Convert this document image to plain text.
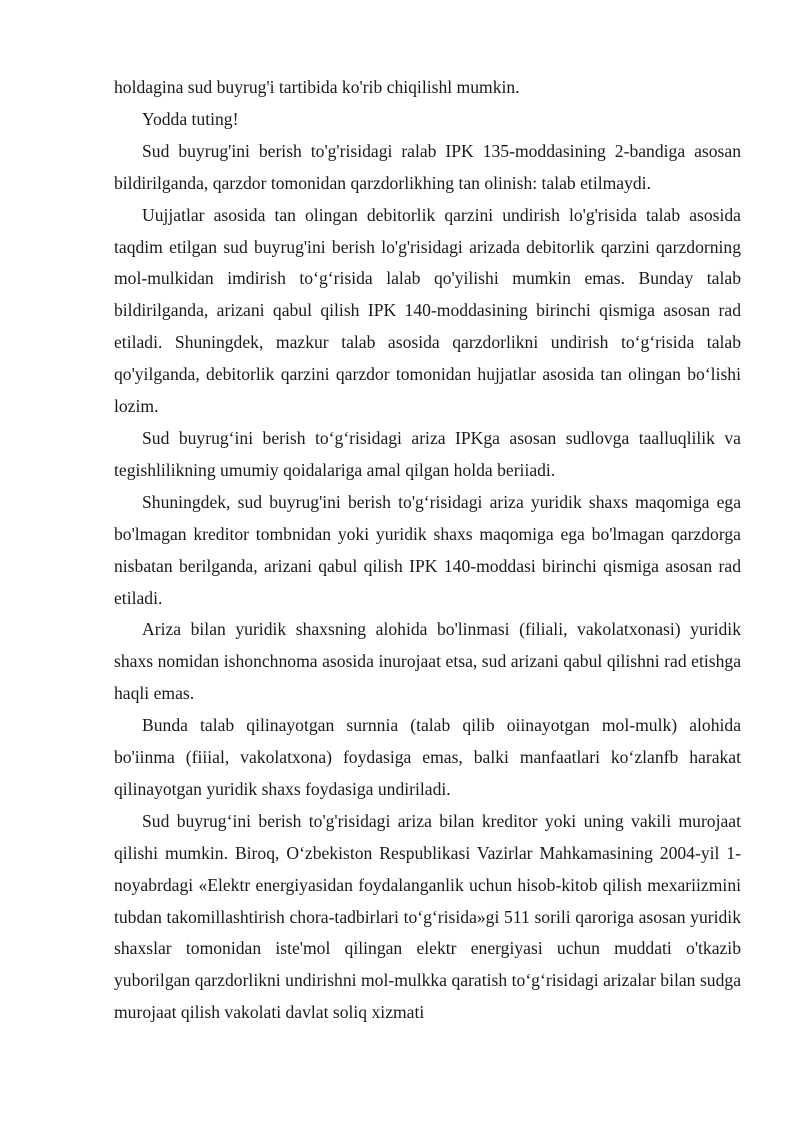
holdagina sud buyrug'i tartibida ko'rib chiqilishl mumkin.

Yodda tuting!

Sud buyrug'ini berish to'g'risidagi ralab IPK 135-moddasining 2-bandiga asosan bildirilganda, qarzdor tomonidan qarzdorlikhing tan olinish: talab etilmaydi.

Uujjatlar asosida tan olingan debitorlik qarzini undirish lo'g'risida talab asosida taqdim etilgan sud buyrug'ini berish lo'g'risidagi arizada debitorlik qarzini qarzdorning mol-mulkidan imdirish to‘g‘risida lalab qo'yilishi mumkin emas. Bunday talab bildirilganda, arizani qabul qilish IPK 140-moddasining birinchi qismiga asosan rad etiladi. Shuningdek, mazkur talab asosida qarzdorlikni undirish to‘g‘risida talab qo'yilganda, debitorlik qarzini qarzdor tomonidan hujjatlar asosida tan olingan bo‘lishi lozim.

Sud buyrug‘ini berish to‘g‘risidagi ariza IPKga asosan sudlovga taalluqlilik va tegishlilikning umumiy qoidalariga amal qilgan holda beriiadi.

Shuningdek, sud buyrug'ini berish to'g‘risidagi ariza yuridik shaxs maqomiga ega bo'lmagan kreditor tombnidan yoki yuridik shaxs maqomiga ega bo'lmagan qarzdorga nisbatan berilganda, arizani qabul qilish IPK 140-moddasi birinchi qismiga asosan rad etiladi.

Ariza bilan yuridik shaxsning alohida bo'linmasi (filiali, vakolatxonasi) yuridik shaxs nomidan ishonchnoma asosida inurojaat etsa, sud arizani qabul qilishni rad etishga haqli emas.

Bunda talab qilinayotgan surnnia (talab qilib oiinayotgan mol-mulk) alohida bo'iinma (fiiial, vakolatxona) foydasiga emas, balki manfaatlari ko‘zlanfb harakat qilinayotgan yuridik shaxs foydasiga undiriladi.

Sud buyrug‘ini berish to'g'risidagi ariza bilan kreditor yoki uning vakili murojaat qilishi mumkin. Biroq, O‘zbekiston Respublikasi Vazirlar Mahkamasining 2004-yil 1-noyabrdagi «Elektr energiyasidan foydalanganlik uchun hisob-kitob qilish mexariizmini tubdan takomillashtirish chora-tadbirlari to‘g‘risida»gi 511 sorili qaroriga asosan yuridik shaxslar tomonidan iste'mol qilingan elektr energiyasi uchun muddati o'tkazib yuborilgan qarzdorlikni undirishni mol-mulkka qaratish to‘g‘risidagi arizalar bilan sudga murojaat qilish vakolati davlat soliq xizmati
